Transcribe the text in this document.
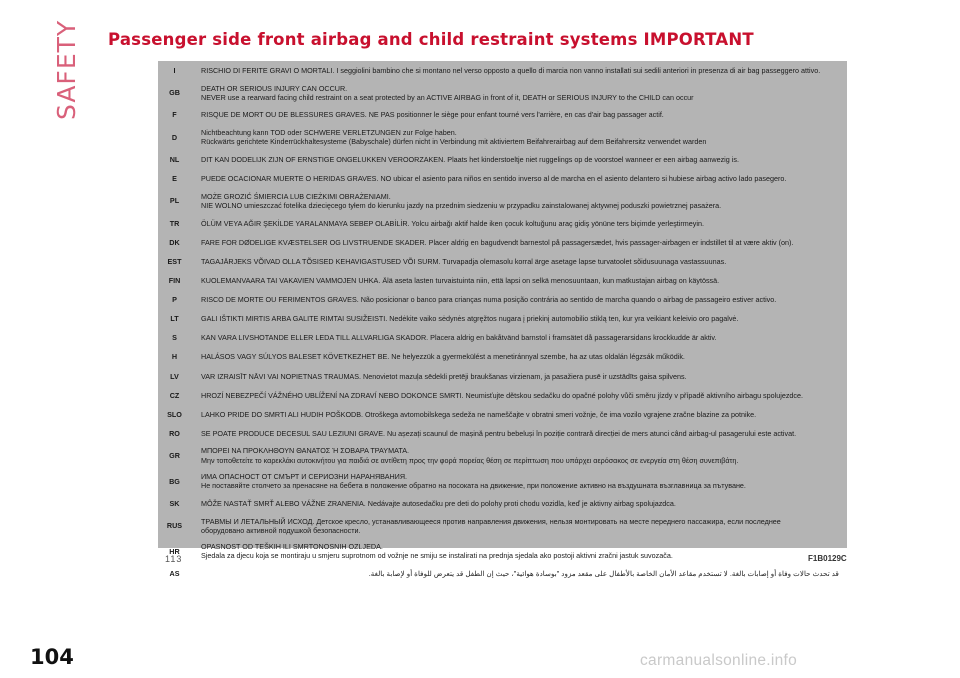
SAFETY Passenger side front airbag and child restraint systems IMPORTANT
I	RISCHIO DI FERITE GRAVI O MORTALI. I seggiolini bambino che si montano nel verso opposto a quello di marcia non vanno installati sui sedili anteriori in presenza di air bag passeggero attivo.

GB	DEATH OR SERIOUS INJURY CAN OCCUR.
NEVER use a rearward facing child restraint on a seat protected by an ACTIVE AIRBAG in front of it, DEATH or SERIOUS INJURY to the CHILD can occur

F	RISQUE DE MORT OU DE BLESSURES GRAVES. NE PAS positionner le siège pour enfant tourné vers l'arrière, en cas d'air bag passager actif.

D	Nichtbeachtung kann TOD oder SCHWERE VERLETZUNGEN zur Folge haben.
Rückwärts gerichtete Kinderrückhaltesysteme (Babyschale) dürfen nicht in Verbindung mit aktiviertem Beifahrerairbag auf dem Beifahrersitz verwendet warden

NL	DIT KAN DODELIJK ZIJN OF ERNSTIGE ONGELUKKEN VEROORZAKEN. Plaats het kinderstoeltje niet ruggelings op de voorstoel wanneer er een airbag aanwezig is.

E	PUEDE OCACIONAR MUERTE O HERIDAS GRAVES. NO ubicar el asiento para niños en sentido inverso al de marcha en el asiento delantero si hubiese airbag activo lado pasegero.

PL	MOŻE GROZIĆ ŚMIERCIA LUB CIEŻKIMI OBRAŻENIAMI.
NIE WOLNO umieszczać fotelika dziecięcego tyłem do kierunku jazdy na przednim siedzeniu w przypadku zainstalowanej aktywnej poduszki powietrznej pasażera.

TR	ÖLÜM VEYA AĞIR ŞEKİLDE YARALANMAYA SEBEP OLABİLİR. Yolcu airbağı aktif halde iken çocuk koltuğunu araç gidiş yönüne ters biçimde yerleştirmeyin.

DK	FARE FOR DØDELIGE KVÆSTELSER OG LIVSTRUENDE SKADER. Placer aldrig en bagudvendt barnestol på passagersædet, hvis passager-airbagen er indstillet til at være aktiv (on).

EST	TAGAJÄRJEKS VÕIVAD OLLA TÕSISED KEHAVIGASTUSED VÕI SURM. Turvapadja olemasolu korral ärge asetage lapse turvatoolet sõidusuunaga vastassuunas.

FIN	KUOLEMANVAARA TAI VAKAVIEN VAMMOJEN UHKA. Älä aseta lasten turvaistuinta niin, että lapsi on selkä menosuuntaan, kun matkustajan airbag on käytössä.

P	RISCO DE MORTE OU FERIMENTOS GRAVES. Não posicionar o banco para crianças numa posição contrária ao sentido de marcha quando o airbag de passageiro estiver activo.

LT	GALI IŠTIKTI MIRTIS ARBA GALITE RIMTAI SUSIŽEISTI. Nedėkite vaiko sėdynės atgręžtos nugara į priekinį automobilio stiklą ten, kur yra veikiant keleivio oro pagalvė.

S	KAN VARA LIVSHOTANDE ELLER LEDA TILL ALLVARLIGA SKADOR. Placera aldrig en bakåtvänd barnstol i framsätet då passagerarsidans krockkudde är aktiv.

H	HALÁSOS VAGY SÚLYOS BALESET KÖVETKEZHET BE. Ne helyezzük a gyermekülést a menetiránnyal szembe, ha az utas oldalán légzsák működik.

LV	VAR IZRAISĪT NĀVI VAI NOPIETNAS TRAUMAS. Nenovietot mazuļa sēdekli pretēji braukšanas virzienam, ja pasažiera pusē ir uzstādīts gaisa spilvens.

CZ	HROZÍ NEBEZPEČÍ VÁŽNÉHO UBLÍŽENÍ NA ZDRAVÍ NEBO DOKONCE SMRTI. Neumisťujte dětskou sedačku do opačné polohy vůči směru jízdy v případě aktivního airbagu spolujezdce.

SLO	LAHKO PRIDE DO SMRTI ALI HUDIH POŠKODB. Otroškega avtomobilskega sedeža ne nameščajte v obratni smeri vožnje, če ima vozilo vgrajene zračne blazine za potnike.

RO	SE POATE PRODUCE DECESUL SAU LEZIUNI GRAVE. Nu așezați scaunul de mașină pentru bebeluși în poziție contrară direcției de mers atunci când airbag-ul pasagerului este activat.

GR	ΜΠΟΡΕΙ ΝΑ ΠΡΟΚΛΗΘΟΥΝ ΘΑΝΑΤΟΣ Ή ΣΟΒΑΡΑ ΤΡΑΥΜΑΤΑ.
Μην τοποθετείτε το καρεκλάκι αυτοκινήτου για παιδιά σε αντίθετη προς την φορά πορείας θέση σε περίπτωση που υπάρχει αερόσακος σε ενεργεία στη θέση συνεπιβάτη.

BG	ИМА ОПАСНОСТ ОТ СМЪРТ И СЕРИОЗНИ НАРАНЯВАНИЯ.
Не поставяйте столчето за пренасяне на бебета в положение обратно на посоката на движение, при положение активно на въздушната възглавница за пътуване.

SK	MÔŽE NASTAŤ SMRŤ ALEBO VÁŽNE ZRANENIA. Nedávajte autosedačku pre deti do polohy proti chodu vozidla, keď je aktivny airbag spolujazdca.

RUS	ТРАВМЫ И ЛЕТАЛЬНЫЙ ИСХОД. Детское кресло, устанавливающееся против направления движения, нельзя монтировать на месте переднего пассажира, если последнее
оборудовано активной подушкой безопасности.

HR	OPASNOST OD TEŠKIH ILI SMRTONOSNIH OZLJEDA.
Sjedala za djecu koja se montiraju u smjeru suprotnom od vožnje ne smiju se instalirati na prednja sjedala ako postoji aktivni zračni jastuk suvozača.

AS	قد تحدث حالات وفاة أو إصابات بالغة. لا تستخدم مقاعد الأمان الخاصة بالأطفال على مقعد مزود "بوسادة هوائية"، حيث إن الطفل قد يتعرض للوفاة أو لإصابة بالغة.
113	F1B0129C
104	carmanualsonline.info
